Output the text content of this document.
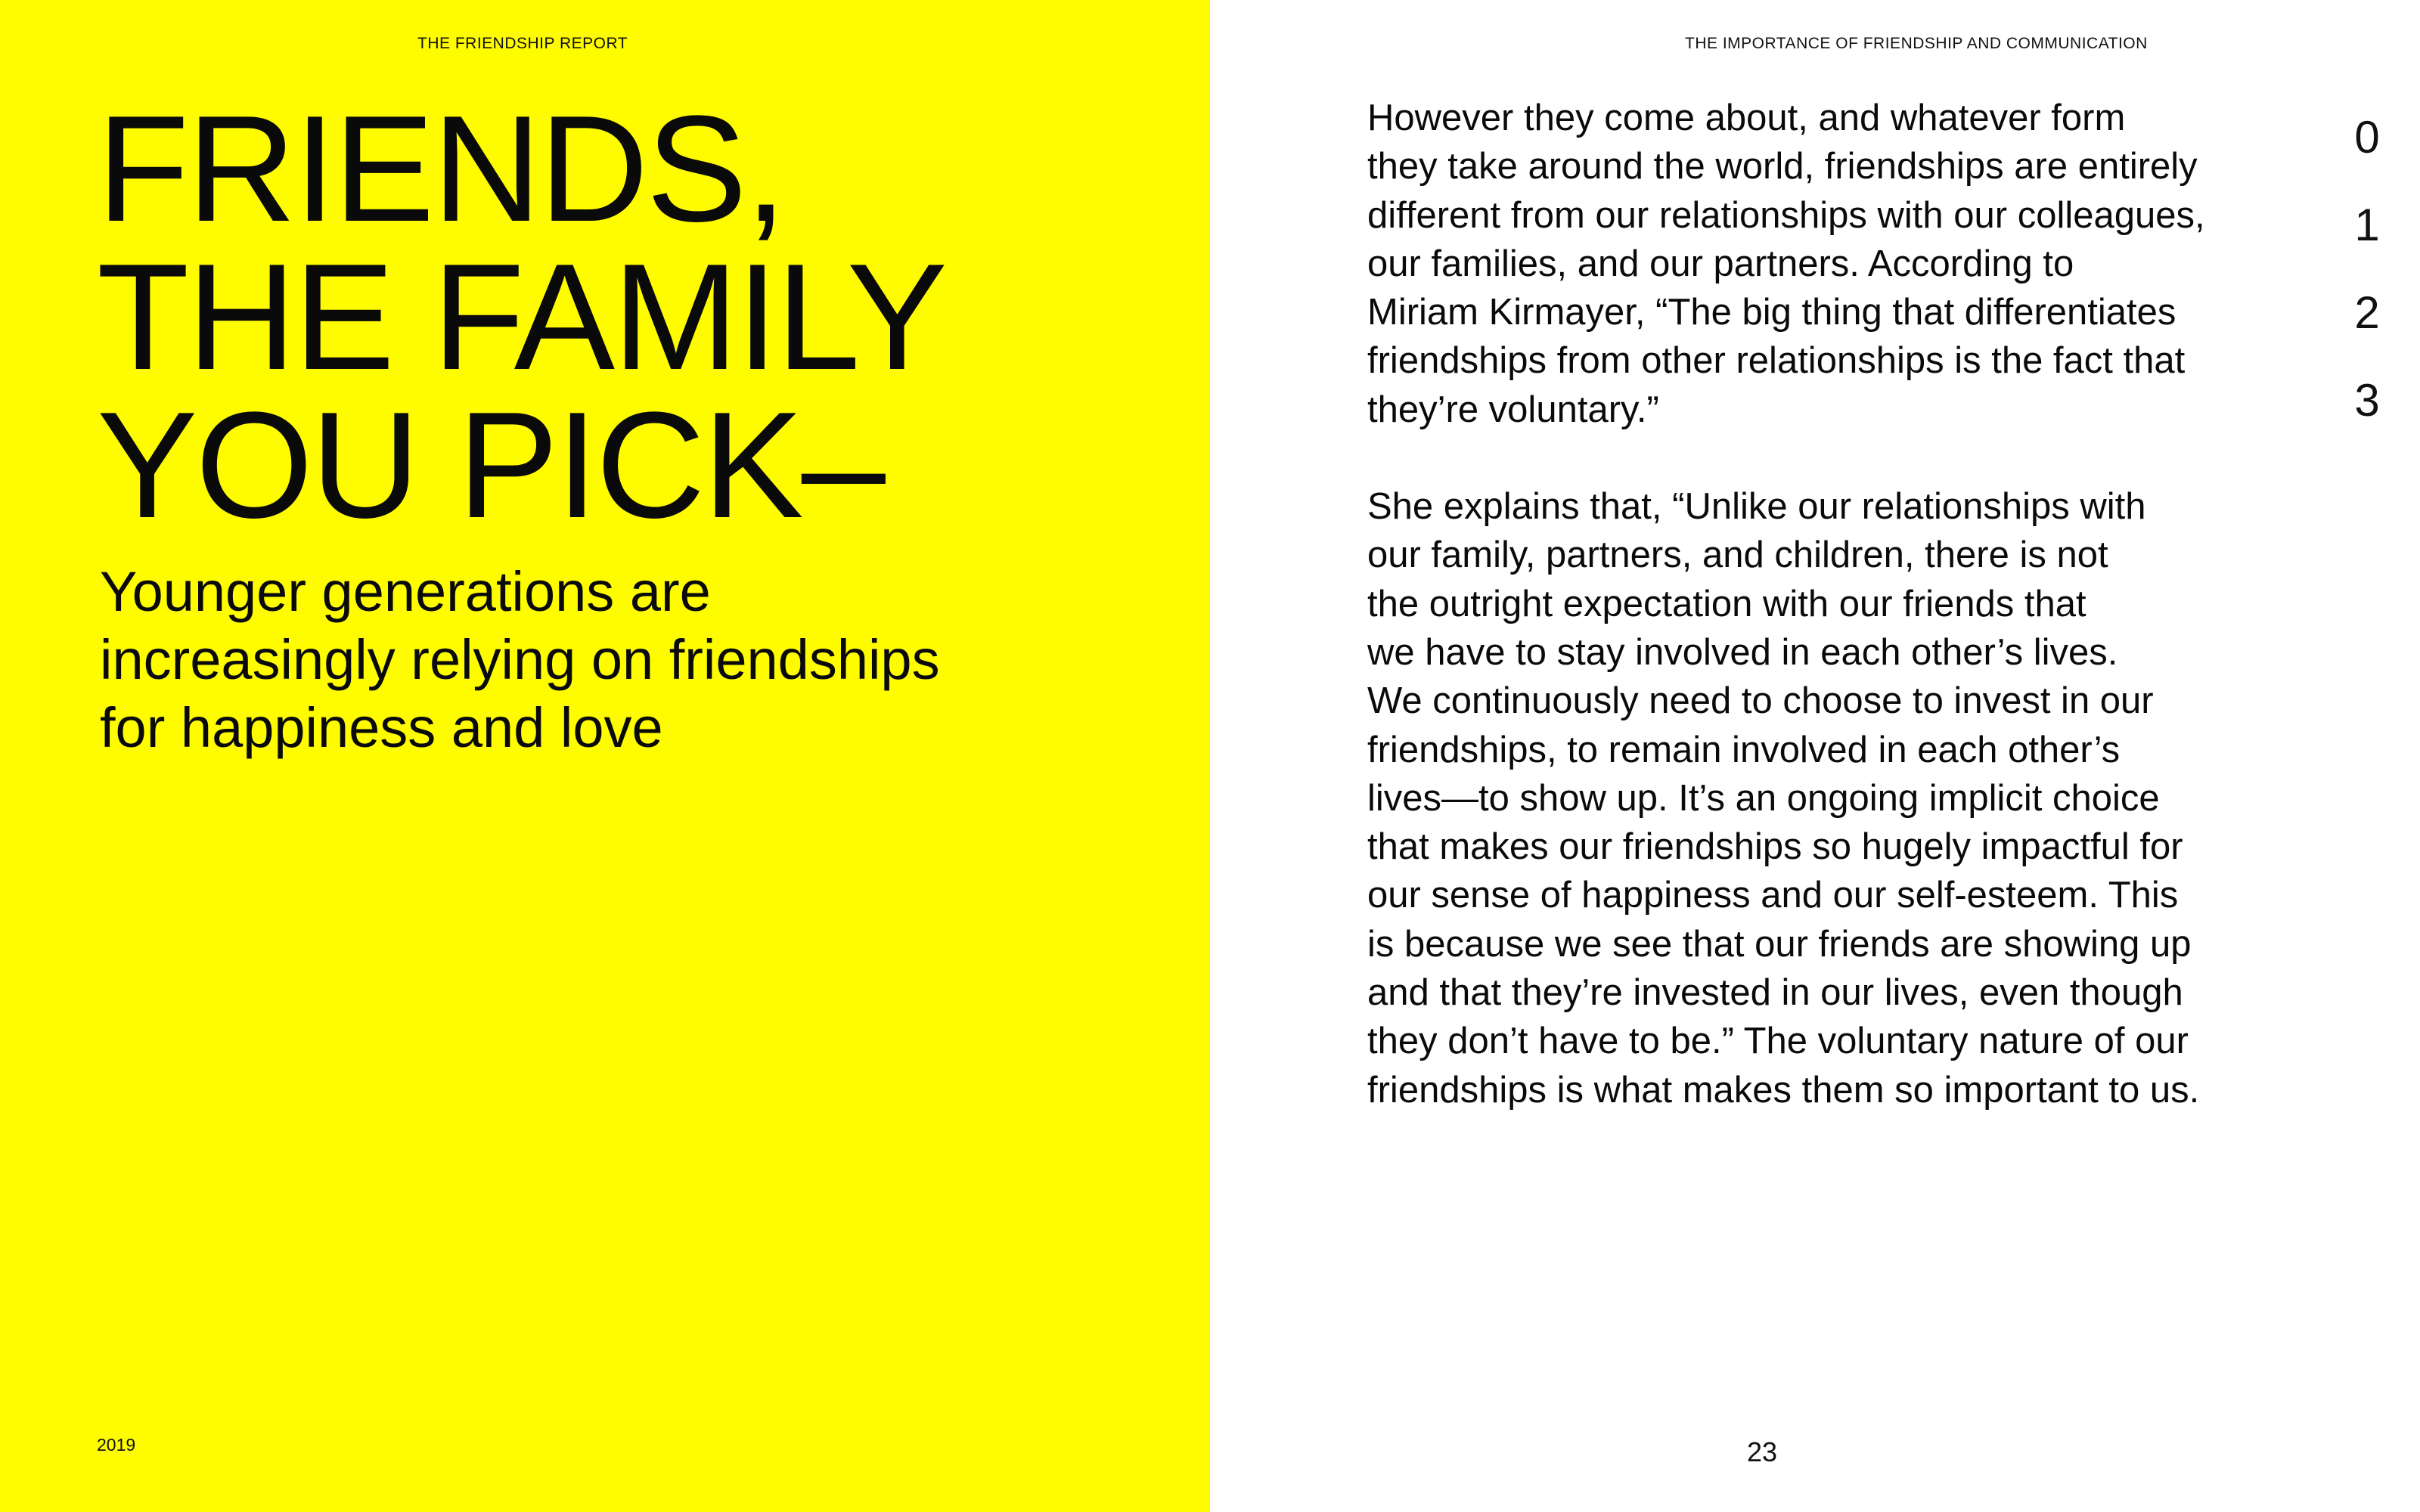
THE FRIENDSHIP REPORT
FRIENDS,
THE FAMILY
YOU PICK–
Younger generations are
increasingly relying on friendships
for happiness and love
2019
THE IMPORTANCE OF FRIENDSHIP AND COMMUNICATION
However they come about, and whatever form
they take around the world, friendships are entirely
different from our relationships with our colleagues,
our families, and our partners. According to
Miriam Kirmayer, “The big thing that differentiates
friendships from other relationships is the fact that
they’re voluntary.”
She explains that, “Unlike our relationships with
our family, partners, and children, there is not
the outright expectation with our friends that
we have to stay involved in each other’s lives.
We continuously need to choose to invest in our
friendships, to remain involved in each other’s
lives—to show up. It’s an ongoing implicit choice
that makes our friendships so hugely impactful for
our sense of happiness and our self-esteem. This
is because we see that our friends are showing up
and that they’re invested in our lives, even though
they don’t have to be.” The voluntary nature of our
friendships is what makes them so important to us.
0
1
2
3
23
